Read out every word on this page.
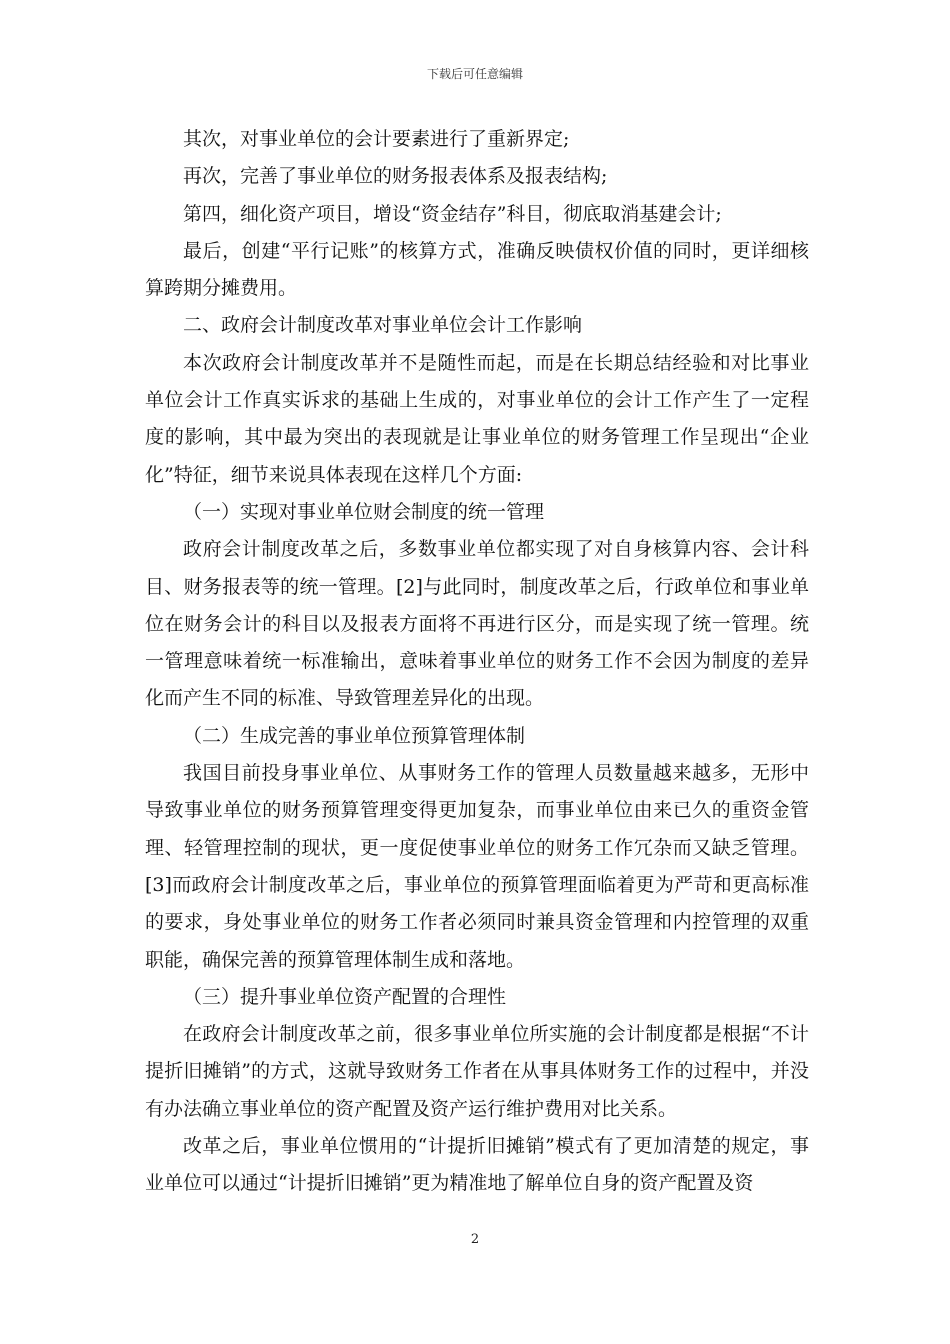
下载后可任意编辑

其次，对事业单位的会计要素进行了重新界定;

再次，完善了事业单位的财务报表体系及报表结构;

第四，细化资产项目，增设“资金结存”科目，彻底取消基建会计;

最后，创建“平行记账”的核算方式，准确反映债权价值的同时，更详细核算跨期分摊费用。

二、政府会计制度改革对事业单位会计工作影响

本次政府会计制度改革并不是随性而起，而是在长期总结经验和对比事业单位会计工作真实诉求的基础上生成的，对事业单位的会计工作产生了一定程度的影响，其中最为突出的表现就是让事业单位的财务管理工作呈现出“企业化”特征，细节来说具体表现在这样几个方面:

（一）实现对事业单位财会制度的统一管理

政府会计制度改革之后，多数事业单位都实现了对自身核算内容、会计科目、财务报表等的统一管理。[2]与此同时，制度改革之后，行政单位和事业单位在财务会计的科目以及报表方面将不再进行区分，而是实现了统一管理。统一管理意味着统一标准输出，意味着事业单位的财务工作不会因为制度的差异化而产生不同的标准、导致管理差异化的出现。

（二）生成完善的事业单位预算管理体制

我国目前投身事业单位、从事财务工作的管理人员数量越来越多，无形中导致事业单位的财务预算管理变得更加复杂，而事业单位由来已久的重资金管理、轻管理控制的现状，更一度促使事业单位的财务工作冗杂而又缺乏管理。[3]而政府会计制度改革之后，事业单位的预算管理面临着更为严苛和更高标准的要求，身处事业单位的财务工作者必须同时兼具资金管理和内控管理的双重职能，确保完善的预算管理体制生成和落地。

（三）提升事业单位资产配置的合理性

在政府会计制度改革之前，很多事业单位所实施的会计制度都是根据“不计提折旧摊销”的方式，这就导致财务工作者在从事具体财务工作的过程中，并没有办法确立事业单位的资产配置及资产运行维护费用对比关系。

改革之后，事业单位惯用的“计提折旧摊销”模式有了更加清楚的规定，事业单位可以通过“计提折旧摊销”更为精准地了解单位自身的资产配置及资

2
